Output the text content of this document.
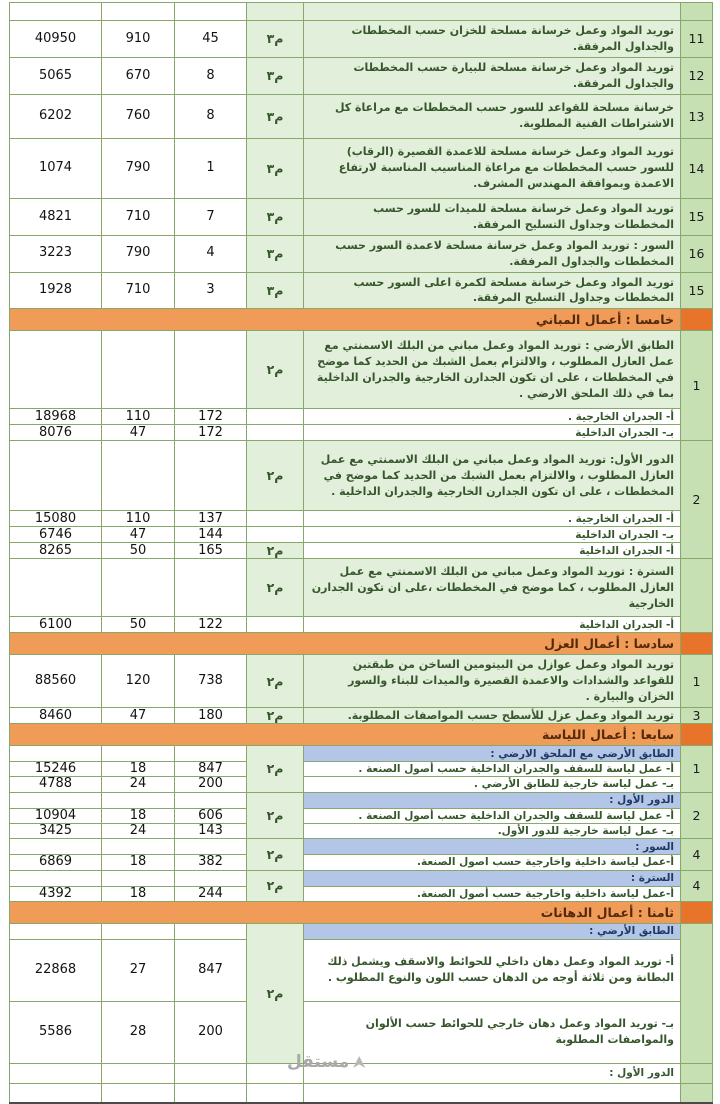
11	توريد المواد وعمل خرسانة مسلحة للخزان حسب المخططات والجداول المرفقة.	م٣	45	910	40950
12	توريد المواد وعمل خرسانة مسلحة للبيارة حسب المخططات والجداول المرفقة.	م٣	8	670	5065
13	خرسانة مسلحة للقواعد للسور حسب المخططات مع مراعاة كل الاشتراطات الفنية المطلوبة.	م٣	8	760	6202
14	توريد المواد وعمل خرسانة مسلحة للاعمدة القصيرة (الرقاب) للسور حسب المخططات مع مراعاة المناسيب المناسبة لارتفاع الاعمدة وبموافقة المهندس المشرف.	م٣	1	790	1074
15	توريد المواد وعمل خرسانة مسلحة للميدات للسور حسب المخططات وجداول التسليح المرفقة.	م٣	7	710	4821
16	السور : توريد المواد وعمل خرسانة مسلحة لاعمدة السور حسب المخططات والجداول المرفقة.	م٣	4	790	3223
15	توريد المواد وعمل خرسانة مسلحة لكمرة اعلى السور حسب المخططات وجداول التسليح المرفقة.	م٣	3	710	1928
	خامسا : أعمال المباني				
1	الطابق الأرضي : توريد المواد وعمل مباني من البلك الاسمنتي مع عمل العازل المطلوب ، والالتزام بعمل الشبك من الحديد كما موضح في المخططات ، على ان تكون الجدارن الخارجية والجدران الداخلية بما في ذلك الملحق الارضي .	م٢			
	أ- الجدران الخارجية .		172	110	18968
	بـ- الجدران الداخلية		172	47	8076
2	الدور الأول: توريد المواد وعمل مباني من البلك الاسمنتي مع عمل العازل المطلوب ، والالتزام بعمل الشبك من الحديد كما موضح في المخططات ، على ان تكون الجدارن الخارجية والجدران الداخلية .	م٢			
	أ- الجدران الخارجية .		137	110	15080
	بـ- الجدران الداخلية		144	47	6746
	أ- الجدران الداخلية	م٢	165	50	8265
	السترة : توريد المواد وعمل مباني من البلك الاسمنتي مع عمل العازل المطلوب ، كما موضح في المخططات ،على ان تكون الجدارن الخارجية	م٢			
	أ- الجدران الداخلية		122	50	6100
	سادسا : أعمال العزل				
1	توريد المواد وعمل عوازل من البيتومين الساخن من طبقتين للقواعد والشدادات والاعمدة القصيرة والميدات للبناء والسور الخزان والبيارة .	م٢	738	120	88560
3	توريد المواد وعمل عزل للأسطح حسب المواصفات المطلوبة.	م٢	180	47	8460
	سابعا : أعمال اللياسة				
1	الطابق الأرضي مع الملحق الارضي :	م٢			
	أ- عمل لياسة للسقف والجدران الداخلية حسب أصول الصنعة .		847	18	15246
	بـ- عمل لياسة خارجية للطابق الأرضي .		200	24	4788
2	الدور الأول :	م٢			
	أ- عمل لياسة للسقف والجدران الداخلية حسب أصول الصنعة .		606	18	10904
	بـ- عمل لياسة خارجية للدور الأول.		143	24	3425
4	السور :	م٢			
	أ-عمل لياسة داخلية واخارجية حسب اصول الصنعة.		382	18	6869
4	السترة :	م٢			
	أ-عمل لياسة داخلية واخارجية حسب أصول الصنعة.		244	18	4392
	ثامنا : أعمال الدهانات				
	الطابق الأرضي :	م٢			
	أ- توريد المواد وعمل دهان داخلي للحوائط والاسقف ويشمل ذلك البطانة ومن ثلاثة أوجه من الدهان حسب اللون والنوع المطلوب .		847	27	22868
	بـ- توريد المواد وعمل دهان خارجي للحوائط حسب الألوان والمواصفات المطلوبة		200	28	5586
	الدور الأول :				

مستقل
